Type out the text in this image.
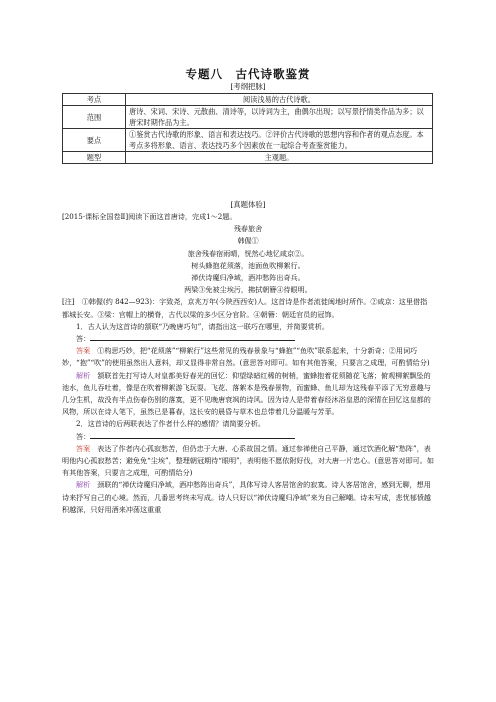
专题八　古代诗歌鉴赏
[考纲把脉]
考点	阅读浅易的古代诗歌。
范围	唐诗、宋词、宋诗、元散曲、清诗等，以诗词为主，曲偶尔出现；以写景抒情类作品为多；以唐宋时期作品为主。
要点	①鉴赏古代诗歌的形象、语言和表达技巧。②评价古代诗歌的思想内容和作者的观点态度。本考点多将形象、语言、表达技巧多个因素放在一起综合考查鉴赏能力。
题型	主观题。
[真题体验]

[2015·课标全国卷Ⅱ]阅读下面这首唐诗，完成1～2题。

残春旅舍

韩偓①

旅舍残春宿雨晴，恍然心地忆咸京②。

树头蜂抱花须落，池面鱼吹柳絮行。

禅伏诗魔归净域，酒冲愁阵出奇兵。

两梁③免被尘埃污，拂拭朝簪④待眼明。

[注]　 ①韩偓(约 842—923)：字致尧，京兆万年(今陕西西安)人。这首诗是作者流徙闽地时所作。②咸京：这里借指都城长安。③梁：官帽上的横脊，古代以梁的多少区分官阶。④朝簪：朝廷官员的冠饰。

1．古人认为这首诗的颔联“乃晚唐巧句”，请指出这一联巧在哪里，并简要赏析。

答：

答案　 ①构思巧妙，把“花须落”“柳絮行”这些常见的残春景象与“蜂抱”“鱼吹”联系起来，十分新奇；②用词巧妙，“抱”“吹”的使用虽然出人意料，却又显得非常自然。(意思答对即可。如有其他答案，只要言之成理，可酌情给分)

解析　 颔联首先打写诗人对皇都美好春光的回忆：仰望绿暗红稀的树梢，蜜蜂抱着花须随花飞落；俯观柳絮飘坠的池水，鱼儿吞吐着，像是在吹着柳絮游飞玩耍。飞花、落絮本是残春景物，而蜜蜂、鱼儿却为这残春平添了无穷意趣与几分生机，故没有半点伤春伤别的落寞，更不见晚唐衰飒的诗风。因为诗人是带着春经沐浴皇恩的深情在回忆这皇都的风物，所以在诗人笔下，虽然已是暮春，这长安的晨昏与草木也总带着几分温暖与芳菲。

2．这首诗的后两联表达了作者什么样的感情？请简要分析。

答：

答案　 表达了作者内心孤寂愁苦，但仍忠于大唐、心系故国之情。通过参禅使自己平静，通过饮酒化解“愁阵”，表明他内心孤寂愁苦；避免免“尘埃”，整理朝冠期待“眼明”，表明他不愿依附好伐，对大唐一片忠心。(意思答对即可。如有其他答案，只要言之成理，可酌情给分)

解析　 颈联的“禅伏诗魔归净域，酒冲愁阵出奇兵”，具体写诗人客居馆舍的寂寞。诗人客居馆舍，感到无聊，想用诗来抒写自己的心境。然而，几番思考终未写成。诗人只好以“禅伏诗魔归净域”来为自己解嘲。诗未写成，悲忧郁愤越积越深，只好用酒来冲荡这重重
